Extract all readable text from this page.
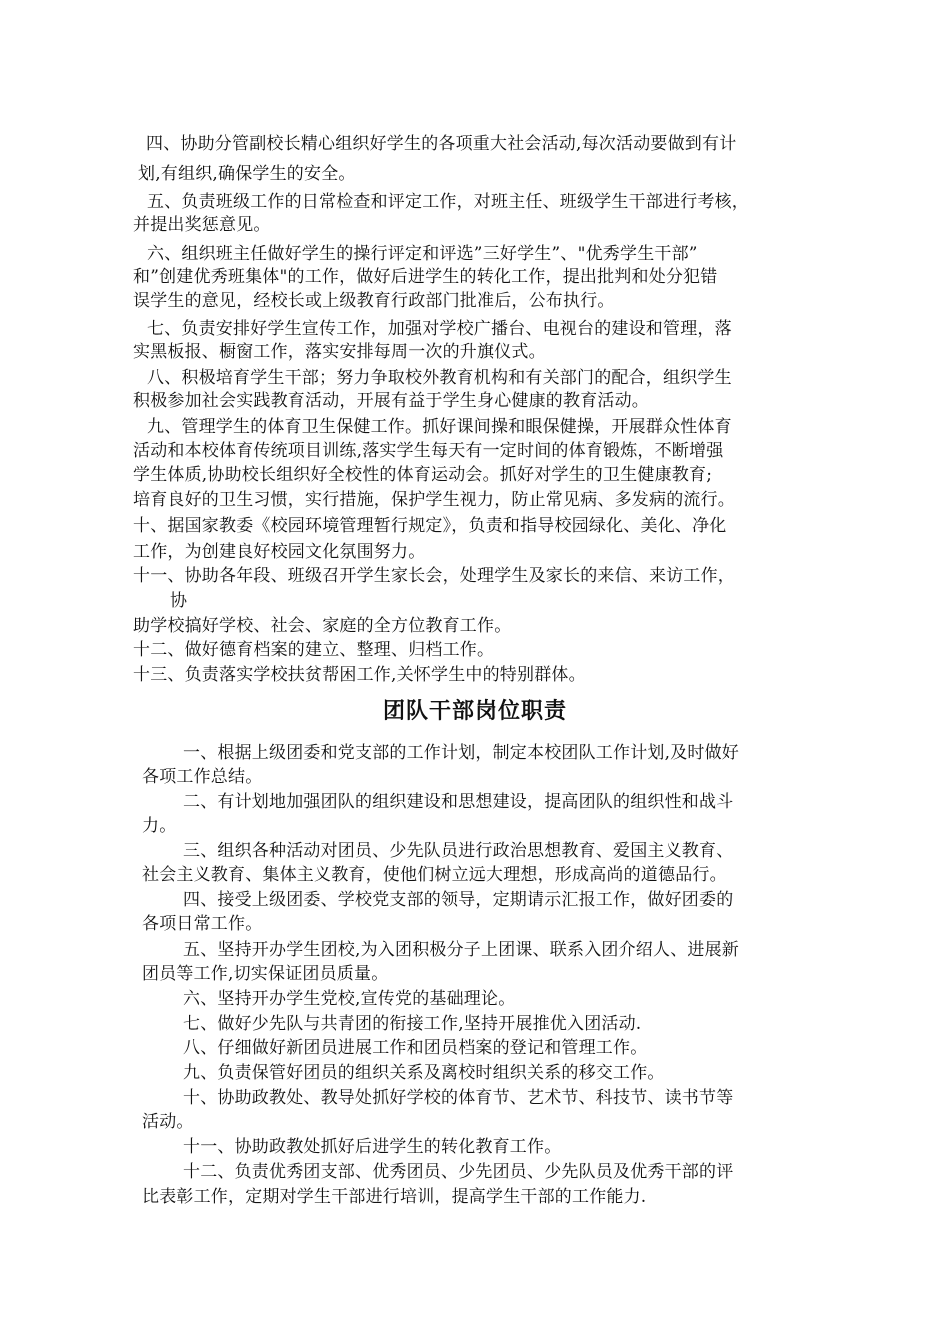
四、协助分管副校长精心组织好学生的各项重大社会活动,每次活动要做到有计
划,有组织,确保学生的安全。
五、负责班级工作的日常检查和评定工作，对班主任、班级学生干部进行考核，
并提出奖惩意见。
六、组织班主任做好学生的操行评定和评选”三好学生”、"优秀学生干部”
和”创建优秀班集体"的工作，做好后进学生的转化工作，提出批判和处分犯错
误学生的意见，经校长或上级教育行政部门批准后，公布执行。
七、负责安排好学生宣传工作，加强对学校广播台、电视台的建设和管理，落
实黑板报、橱窗工作，落实安排每周一次的升旗仪式。
八、积极培育学生干部；努力争取校外教育机构和有关部门的配合，组织学生
积极参加社会实践教育活动，开展有益于学生身心健康的教育活动。
九、管理学生的体育卫生保健工作。抓好课间操和眼保健操，开展群众性体育
活动和本校体育传统项目训练,落实学生每天有一定时间的体育锻炼，不断增强
学生体质,协助校长组织好全校性的体育运动会。抓好对学生的卫生健康教育;
培育良好的卫生习惯，实行措施，保护学生视力，防止常见病、多发病的流行。
十、据国家教委《校园环境管理暂行规定》，负责和指导校园绿化、美化、净化
工作，为创建良好校园文化氛围努力。
十一、协助各年段、班级召开学生家长会，处理学生及家长的来信、来访工作，
协
助学校搞好学校、社会、家庭的全方位教育工作。
十二、做好德育档案的建立、整理、归档工作。
十三、负责落实学校扶贫帮困工作,关怀学生中的特别群体。
团队干部岗位职责
一、根据上级团委和党支部的工作计划，制定本校团队工作计划,及时做好
各项工作总结。
二、有计划地加强团队的组织建设和思想建设，提高团队的组织性和战斗
力。
三、组织各种活动对团员、少先队员进行政治思想教育、爱国主义教育、
社会主义教育、集体主义教育，使他们树立远大理想，形成高尚的道德品行。
四、接受上级团委、学校党支部的领导，定期请示汇报工作，做好团委的
各项日常工作。
五、坚持开办学生团校,为入团积极分子上团课、联系入团介绍人、进展新
团员等工作,切实保证团员质量。
六、坚持开办学生党校,宣传党的基础理论。
七、做好少先队与共青团的衔接工作,坚持开展推优入团活动.
八、仔细做好新团员进展工作和团员档案的登记和管理工作。
九、负责保管好团员的组织关系及离校时组织关系的移交工作。
十、协助政教处、教导处抓好学校的体育节、艺术节、科技节、读书节等
活动。
十一、协助政教处抓好后进学生的转化教育工作。
十二、负责优秀团支部、优秀团员、少先团员、少先队员及优秀干部的评
比表彰工作，定期对学生干部进行培训，提高学生干部的工作能力.
